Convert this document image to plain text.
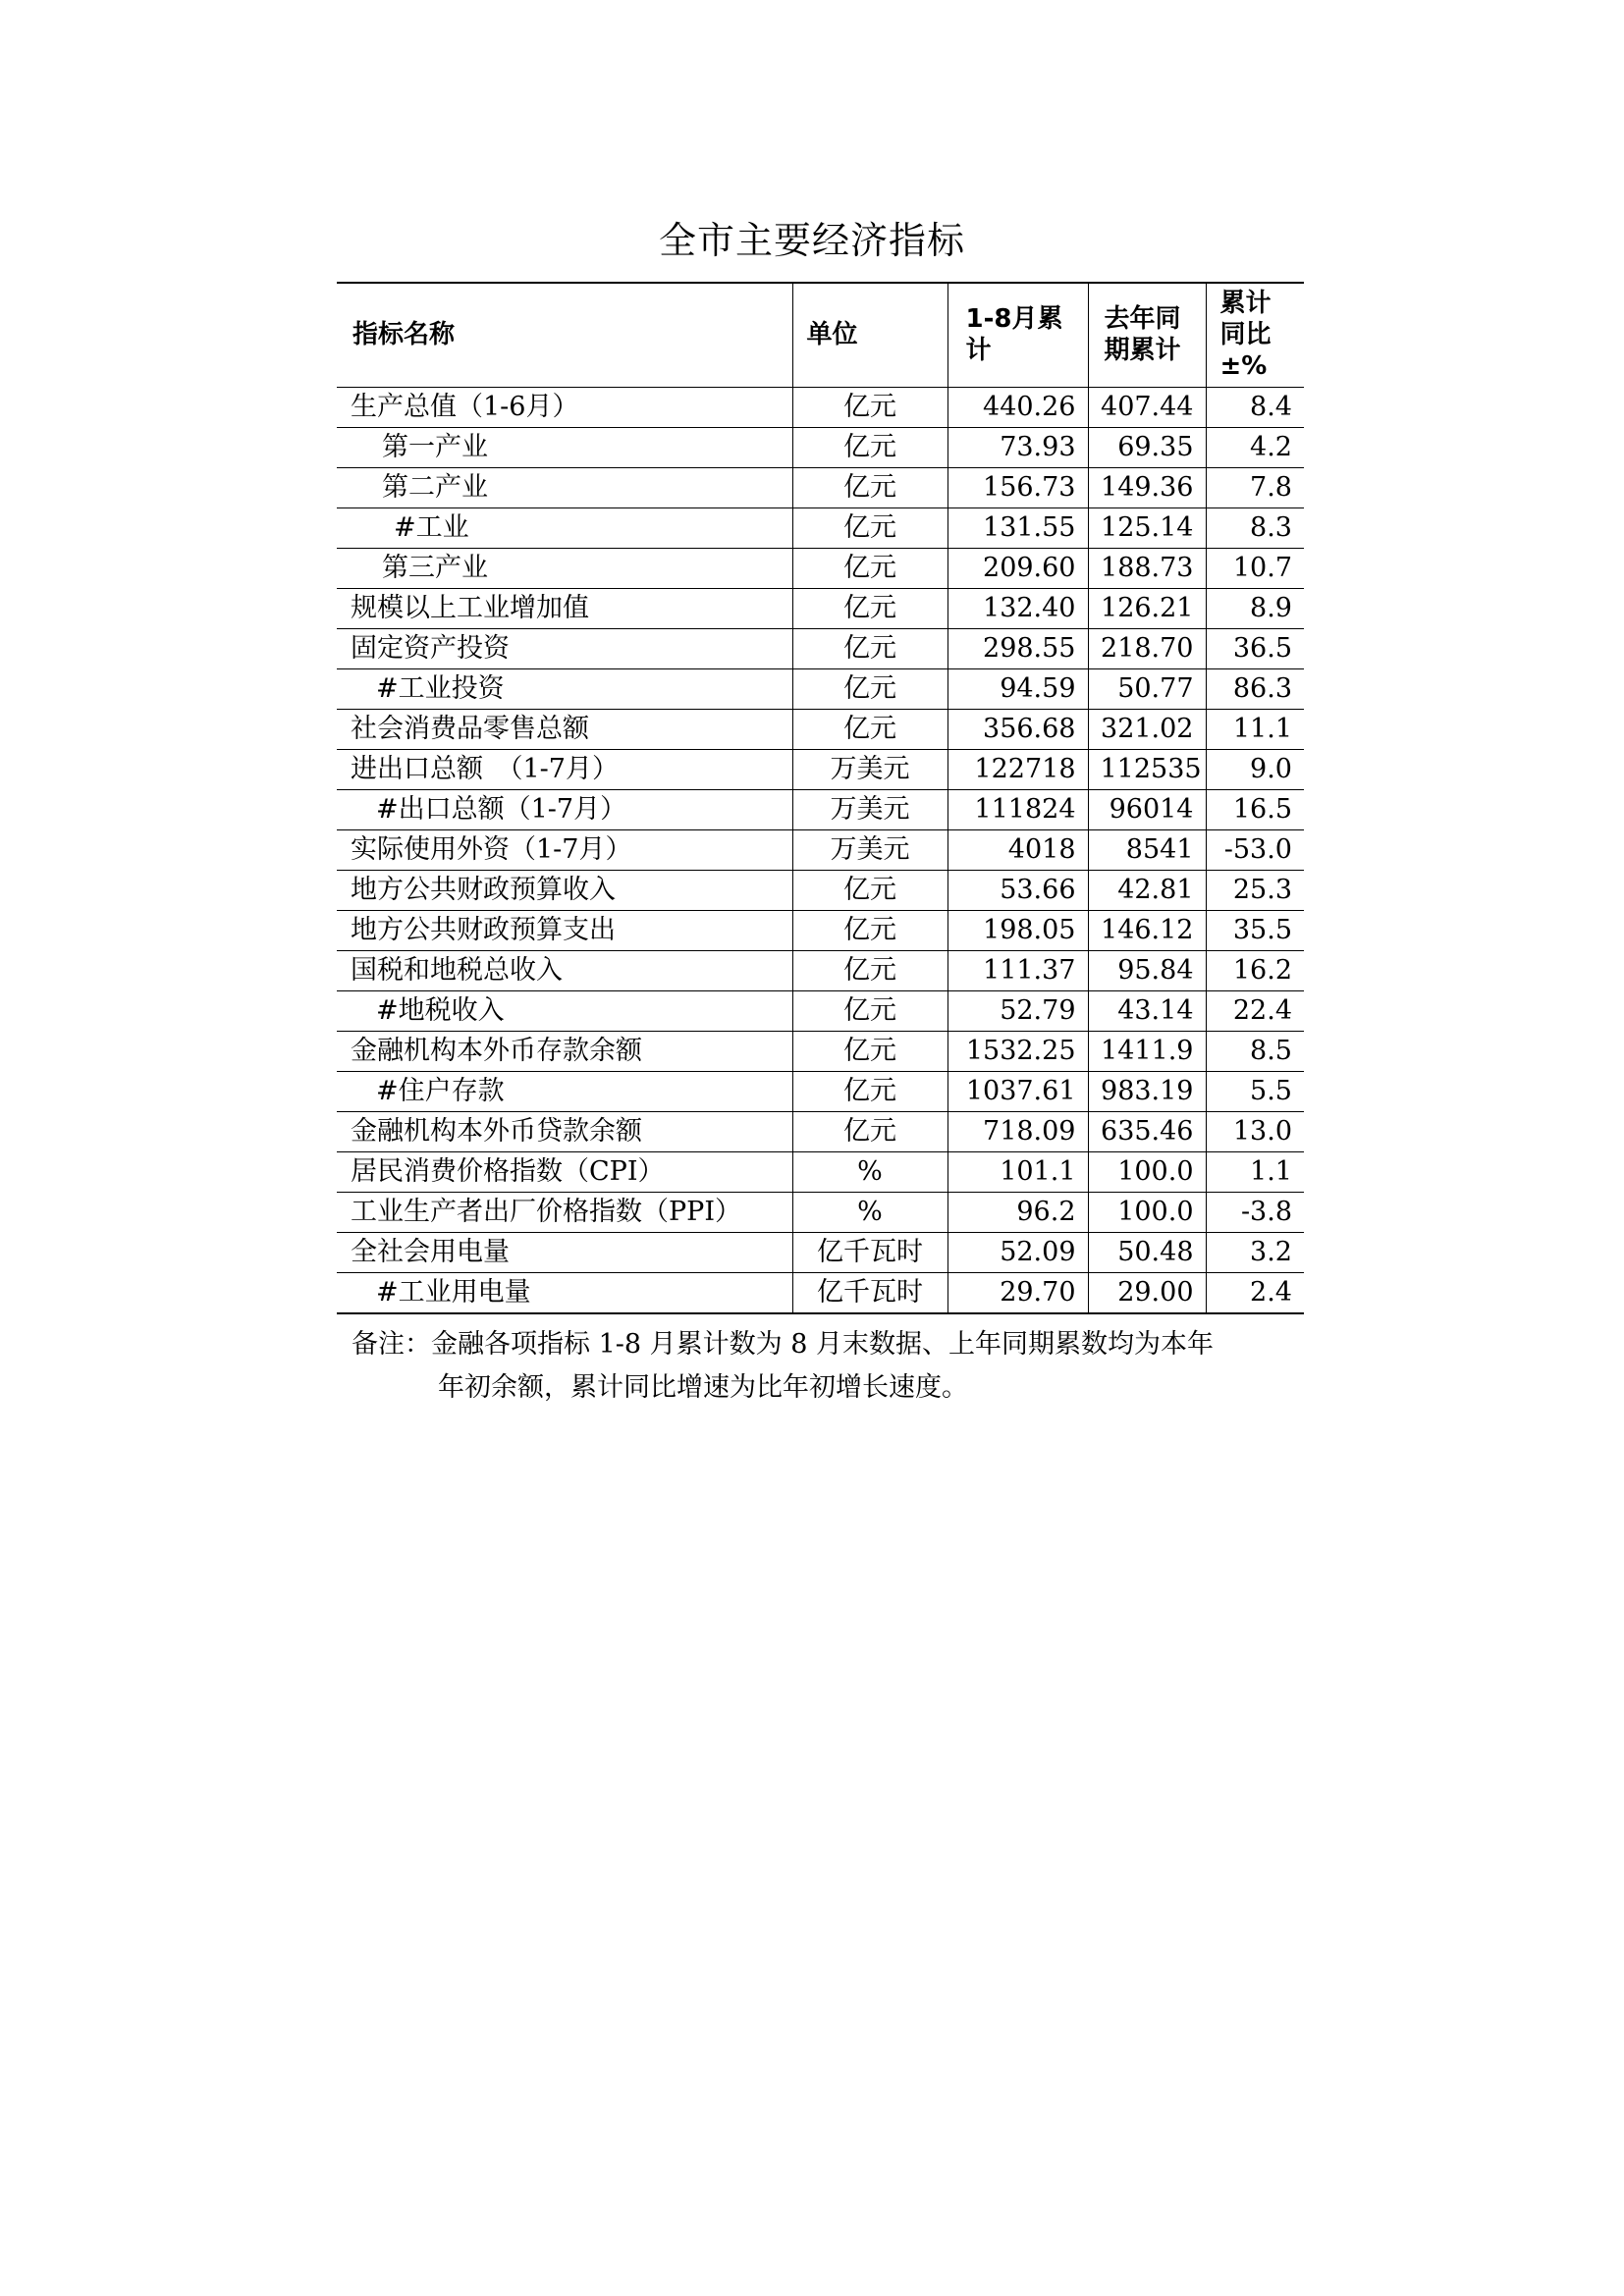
全市主要经济指标
指标名称	单位	1-8月累计	去年同期累计	累计同比±%
生产总值（1-6月）	亿元	440.26	407.44	8.4
第一产业	亿元	73.93	69.35	4.2
第二产业	亿元	156.73	149.36	7.8
#工业	亿元	131.55	125.14	8.3
第三产业	亿元	209.60	188.73	10.7
规模以上工业增加值	亿元	132.40	126.21	8.9
固定资产投资	亿元	298.55	218.70	36.5
#工业投资	亿元	94.59	50.77	86.3
社会消费品零售总额	亿元	356.68	321.02	11.1
进出口总额　（1-7月）	万美元	122718	112535	9.0
#出口总额（1-7月）	万美元	111824	96014	16.5
实际使用外资（1-7月）	万美元	4018	8541	-53.0
地方公共财政预算收入	亿元	53.66	42.81	25.3
地方公共财政预算支出	亿元	198.05	146.12	35.5
国税和地税总收入	亿元	111.37	95.84	16.2
#地税收入	亿元	52.79	43.14	22.4
金融机构本外币存款余额	亿元	1532.25	1411.9	8.5
#住户存款	亿元	1037.61	983.19	5.5
金融机构本外币贷款余额	亿元	718.09	635.46	13.0
居民消费价格指数（CPI）	%	101.1	100.0	1.1
工业生产者出厂价格指数（PPI）	%	96.2	100.0	-3.8
全社会用电量	亿千瓦时	52.09	50.48	3.2
#工业用电量	亿千瓦时	29.70	29.00	2.4
备注：金融各项指标 1-8 月累计数为 8 月末数据、上年同期累数均为本年
年初余额，累计同比增速为比年初增长速度。
